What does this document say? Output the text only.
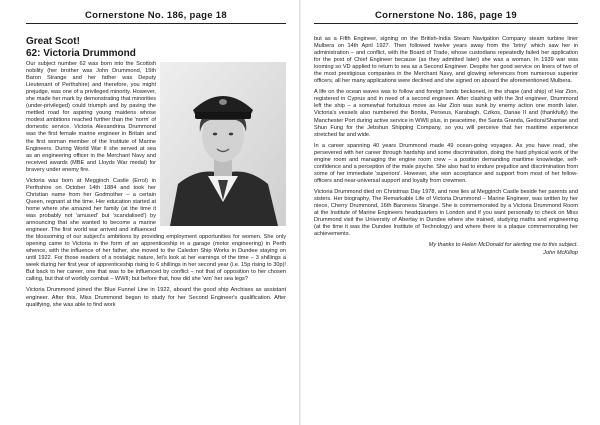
Cornerstone No. 186, page 18
Great Scot!
62: Victoria Drummond

Our subject number 62 was born into the Scottish nobility (her brother was John Drummond, 15th Baron Strange and her father was Deputy Lieutenant of Perthshire) and therefore, you might prejudge, was one of a privileged minority. However, she made her mark by demonstrating that minorities (under-privileged) could triumph and by paving the mettled road for aspiring young maidens whose modest ambitions reached further than the 'norm' of domestic service. Victoria Alexandrina Drummond was the first female marine engineer in Britain and the first woman member of the Institute of Marine Engineers. During World War II she served at sea as an engineering officer in the Merchant Navy and received awards (MBE and Lloyds War medal) for bravery under enemy fire.

Victoria was born at Megginch Castle (Errol) in Perthshire on October 14th 1884 and took her Christian name from her Godmother – a certain Queen, regnant at the time. Her education started at home where she amazed her family (at the time it was probably not 'amused' but 'scandalised') by announcing that she wanted to become a marine engineer. The first world war arrived and influenced the blossoming of our subject's ambitions by providing employment opportunities for women. She only opening came to Victoria in the form of an apprenticeship in a garage (motor engineering) in Perth whence, with the influence of her father, she moved to the Caledon Ship Works in Dundee staying on until 1922. For those readers of a nostalgic nature, let's look at her earnings of the time – 3 shillings a week during her first year of apprenticeship rising to 6 shillings in her second year (i.e. 15p rising to 30p)! But back to her career, one that was to be influenced by conflict – not that of opposition to her chosen calling, but that of worldly combat – WWII; but before that, how did she 'win' her sea legs?

Victoria Drummond joined the Blue Funnel Line in 1922, aboard the good ship Anchises as assistant engineer. After this, Miss Drummond began to study for her Second Engineer's qualification. After qualifying, she was able to find work

Cornerstone No. 186, page 19

but as a Fifth Engineer, signing on the British-India Steam Navigation Company steam turbine liner Mulbera on 14th April 1927. Then followed twelve years away from the 'briny' which saw her in administration – and conflict, with the Board of Trade, whose custodians repeatedly failed her application for the post of Chief Engineer because (as they admitted later) she was a woman. In 1939 war was looming so VD applied to return to sea as a Second Engineer. Despite her good service on liners of two of the most prestigious companies in the Merchant Navy, and glowing references from numerous superior officers, all her many applications were declined and she signed on aboard the aforementioned Mulbera.

A life on the ocean waves was to follow and foreign lands beckoned, in the shape (and ship) of Har Zion, registered in Cyprus and in need of a second engineer. After clashing with the 3rd engineer, Drummond left the ship – a somewhat fortuitous move as Har Zion was sunk by enemy action one month later. Victoria's vessels also numbered the Bonita, Perseus, Karabagh, Czikos, Danae II and (thankfully) the Manchester Port during active service in WWII plus, in peacetime, the Santa Granda, Gedora/Shantae and Shun Fung for the Jebshun Shipping Company, so you will perceive that her maritime experience stretched far and wide.

In a career spanning 40 years Drummond made 49 ocean-going voyages. As you have read, she persevered with her career through hardship and some discrimination, doing the hard physical work of the engine room and managing the engine room crew – a position demanding maritime knowledge, self-confidence and a perception of the male psyche. She also had to endure prejudice and discrimination from some of her immediate 'superiors'. However, she won acceptance and support from most of her fellow-officers and near-universal support and loyalty from crewmen.

Victoria Drummond died on Christmas Day 1978, and now lies at Megginch Castle beside her parents and sisters. Her biography, The Remarkable Life of Victoria Drummond – Marine Engineer, was written by her niece, Cherry Drummond, 16th Baroness Strange. She is commemorated by a Victoria Drummond Room at the Institute of Marine Engineers headquarters in London and if you want personally to check on Miss Drummond visit the University of Abertay in Dundee where she trained, studying maths and engineering (at the time it was the Dundee Institute of Technology) and where there is a plaque commemorating her achievements.

My thanks to Helen McDonald for alerting me to this subject.

John McKillop
